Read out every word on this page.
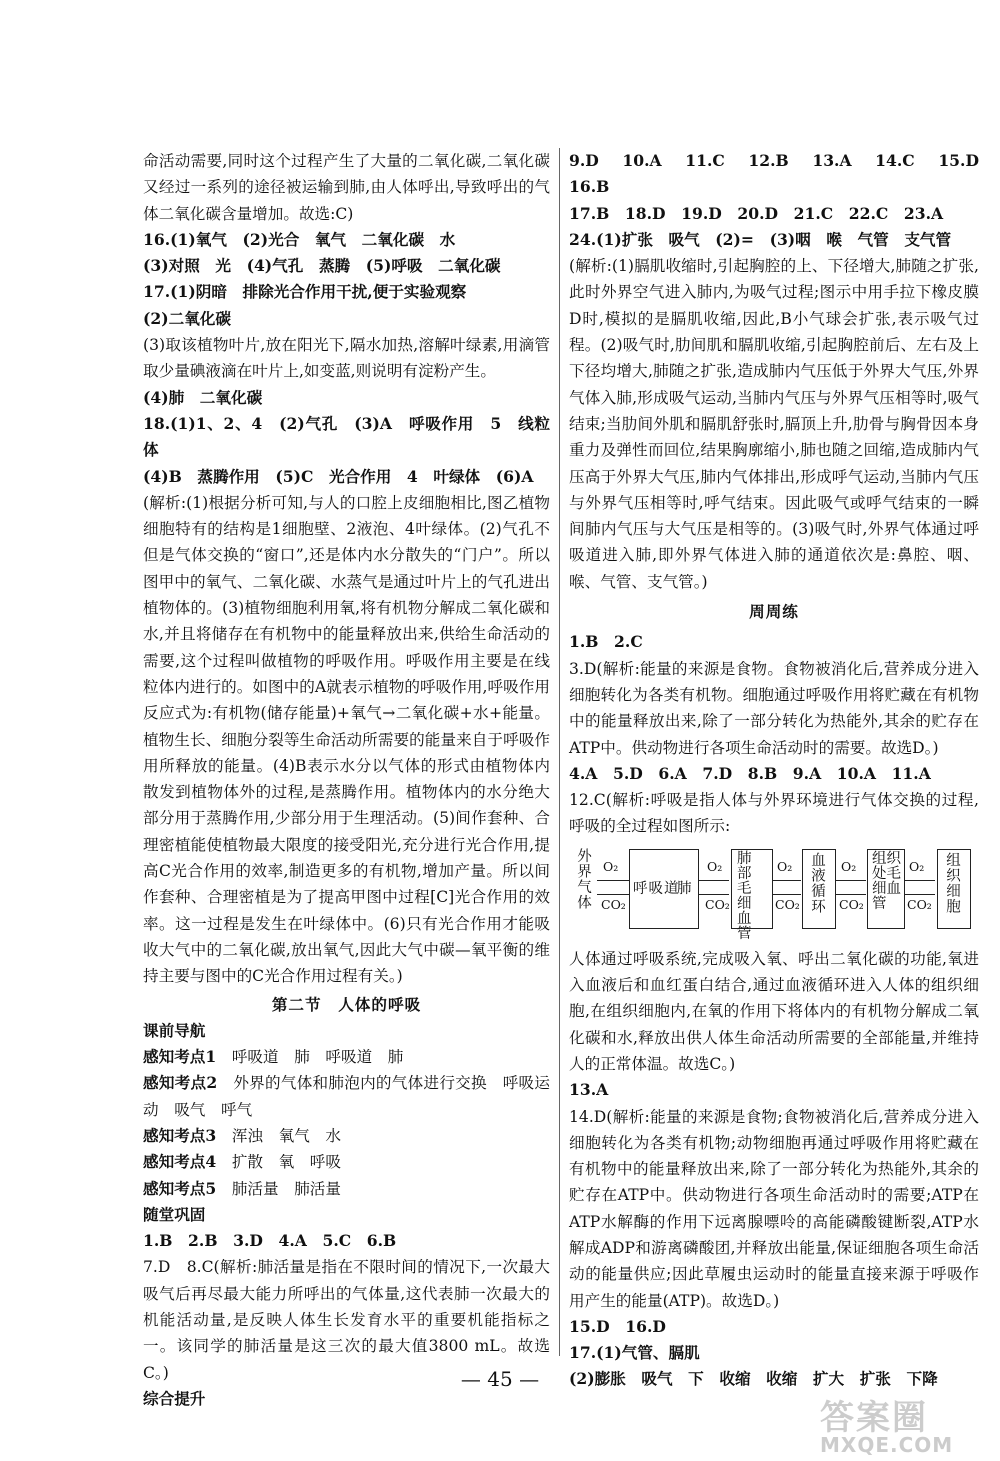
命活动需要,同时这个过程产生了大量的二氧化碳,二氧化碳又经过一系列的途径被运输到肺,由人体呼出,导致呼出的气体二氧化碳含量增加。故选:C)

16.(1)氧气　(2)光合　氧气　二氧化碳　水

(3)对照　光　(4)气孔　蒸腾　(5)呼吸　二氧化碳

17.(1)阴暗　排除光合作用干扰,便于实验观察

(2)二氧化碳

(3)取该植物叶片,放在阳光下,隔水加热,溶解叶绿素,用滴管取少量碘液滴在叶片上,如变蓝,则说明有淀粉产生。

(4)肺　二氧化碳

18.(1)1、2、4　(2)气孔　(3)A　呼吸作用　5　线粒体

(4)B　蒸腾作用　(5)C　光合作用　4　叶绿体　(6)A

(解析:(1)根据分析可知,与人的口腔上皮细胞相比,图乙植物细胞特有的结构是1细胞壁、2液泡、4叶绿体。(2)气孔不但是气体交换的“窗口”,还是体内水分散失的“门户”。所以图甲中的氧气、二氧化碳、水蒸气是通过叶片上的气孔进出植物体的。(3)植物细胞利用氧,将有机物分解成二氧化碳和水,并且将储存在有机物中的能量释放出来,供给生命活动的需要,这个过程叫做植物的呼吸作用。呼吸作用主要是在线粒体内进行的。如图中的A就表示植物的呼吸作用,呼吸作用反应式为:有机物(储存能量)+氧气→二氧化碳+水+能量。植物生长、细胞分裂等生命活动所需要的能量来自于呼吸作用所释放的能量。(4)B表示水分以气体的形式由植物体内散发到植物体外的过程,是蒸腾作用。植物体内的水分绝大部分用于蒸腾作用,少部分用于生理活动。(5)间作套种、合理密植能使植物最大限度的接受阳光,充分进行光合作用,提高C光合作用的效率,制造更多的有机物,增加产量。所以间作套种、合理密植是为了提高甲图中过程[C]光合作用的效率。这一过程是发生在叶绿体中。(6)只有光合作用才能吸收大气中的二氧化碳,放出氧气,因此大气中碳—氧平衡的维持主要与图中的C光合作用过程有关。)

第二节　人体的呼吸

课前导航

感知考点1　呼吸道　肺　呼吸道　肺

感知考点2　外界的气体和肺泡内的气体进行交换　呼吸运动　吸气　呼气

感知考点3　浑浊　氧气　水

感知考点4　扩散　氧　呼吸

感知考点5　肺活量　肺活量

随堂巩固

1.B　2.B　3.D　4.A　5.C　6.B

7.D　8.C(解析:肺活量是指在不限时间的情况下,一次最大吸气后再尽最大能力所呼出的气体量,这代表肺一次最大的机能活动量,是反映人体生长发育水平的重要机能指标之一。该同学的肺活量是这三次的最大值3800 mL。故选C。)

综合提升

9.D　10.A　11.C　12.B　13.A　14.C　15.D　16.B

17.B　18.D　19.D　20.D　21.C　22.C　23.A

24.(1)扩张　吸气　(2)=　(3)咽　喉　气管　支气管

(解析:(1)膈肌收缩时,引起胸腔的上、下径增大,肺随之扩张,此时外界空气进入肺内,为吸气过程;图示中用手拉下橡皮膜D时,模拟的是膈肌收缩,因此,B小气球会扩张,表示吸气过程。(2)吸气时,肋间肌和膈肌收缩,引起胸腔前后、左右及上下径均增大,肺随之扩张,造成肺内气压低于外界大气压,外界气体入肺,形成吸气运动,当肺内气压与外界气压相等时,吸气结束;当肋间外肌和膈肌舒张时,膈顶上升,肋骨与胸骨因本身重力及弹性而回位,结果胸廓缩小,肺也随之回缩,造成肺内气压高于外界大气压,肺内气体排出,形成呼气运动,当肺内气压与外界气压相等时,呼气结束。因此吸气或呼气结束的一瞬间肺内气压与大气压是相等的。(3)吸气时,外界气体通过呼吸道进入肺,即外界气体进入肺的通道依次是:鼻腔、咽、喉、气管、支气管。)

周周练

1.B　2.C

3.D(解析:能量的来源是食物。食物被消化后,营养成分进入细胞转化为各类有机物。细胞通过呼吸作用将贮藏在有机物中的能量释放出来,除了一部分转化为热能外,其余的贮存在ATP中。供动物进行各项生命活动时的需要。故选D。)

4.A　5.D　6.A　7.D　8.B　9.A　10.A　11.A

12.C(解析:呼吸是指人体与外界环境进行气体交换的过程,呼吸的全过程如图所示:

外界气体 O₂
CO₂
呼吸道
肺
O₂
CO₂
肺部毛细血管
O₂
CO₂ 血液循环 O₂
CO₂
组织处毛细血管
O₂
CO₂ 组织细胞

人体通过呼吸系统,完成吸入氧、呼出二氧化碳的功能,氧进入血液后和血红蛋白结合,通过血液循环进入人体的组织细胞,在组织细胞内,在氧的作用下将体内的有机物分解成二氧化碳和水,释放出供人体生命活动所需要的全部能量,并维持人的正常体温。故选C。)

13.A

14.D(解析:能量的来源是食物;食物被消化后,营养成分进入细胞转化为各类有机物;动物细胞再通过呼吸作用将贮藏在有机物中的能量释放出来,除了一部分转化为热能外,其余的贮存在ATP中。供动物进行各项生命活动时的需要;ATP在ATP水解酶的作用下远离腺嘌呤的高能磷酸键断裂,ATP水解成ADP和游离磷酸团,并释放出能量,保证细胞各项生命活动的能量供应;因此草履虫运动时的能量直接来源于呼吸作用产生的能量(ATP)。故选D。)

15.D　16.D

17.(1)气管、膈肌

(2)膨胀　吸气　下　收缩　收缩　扩大　扩张　下降

— 45 —
答案圈
MXQE.COM
